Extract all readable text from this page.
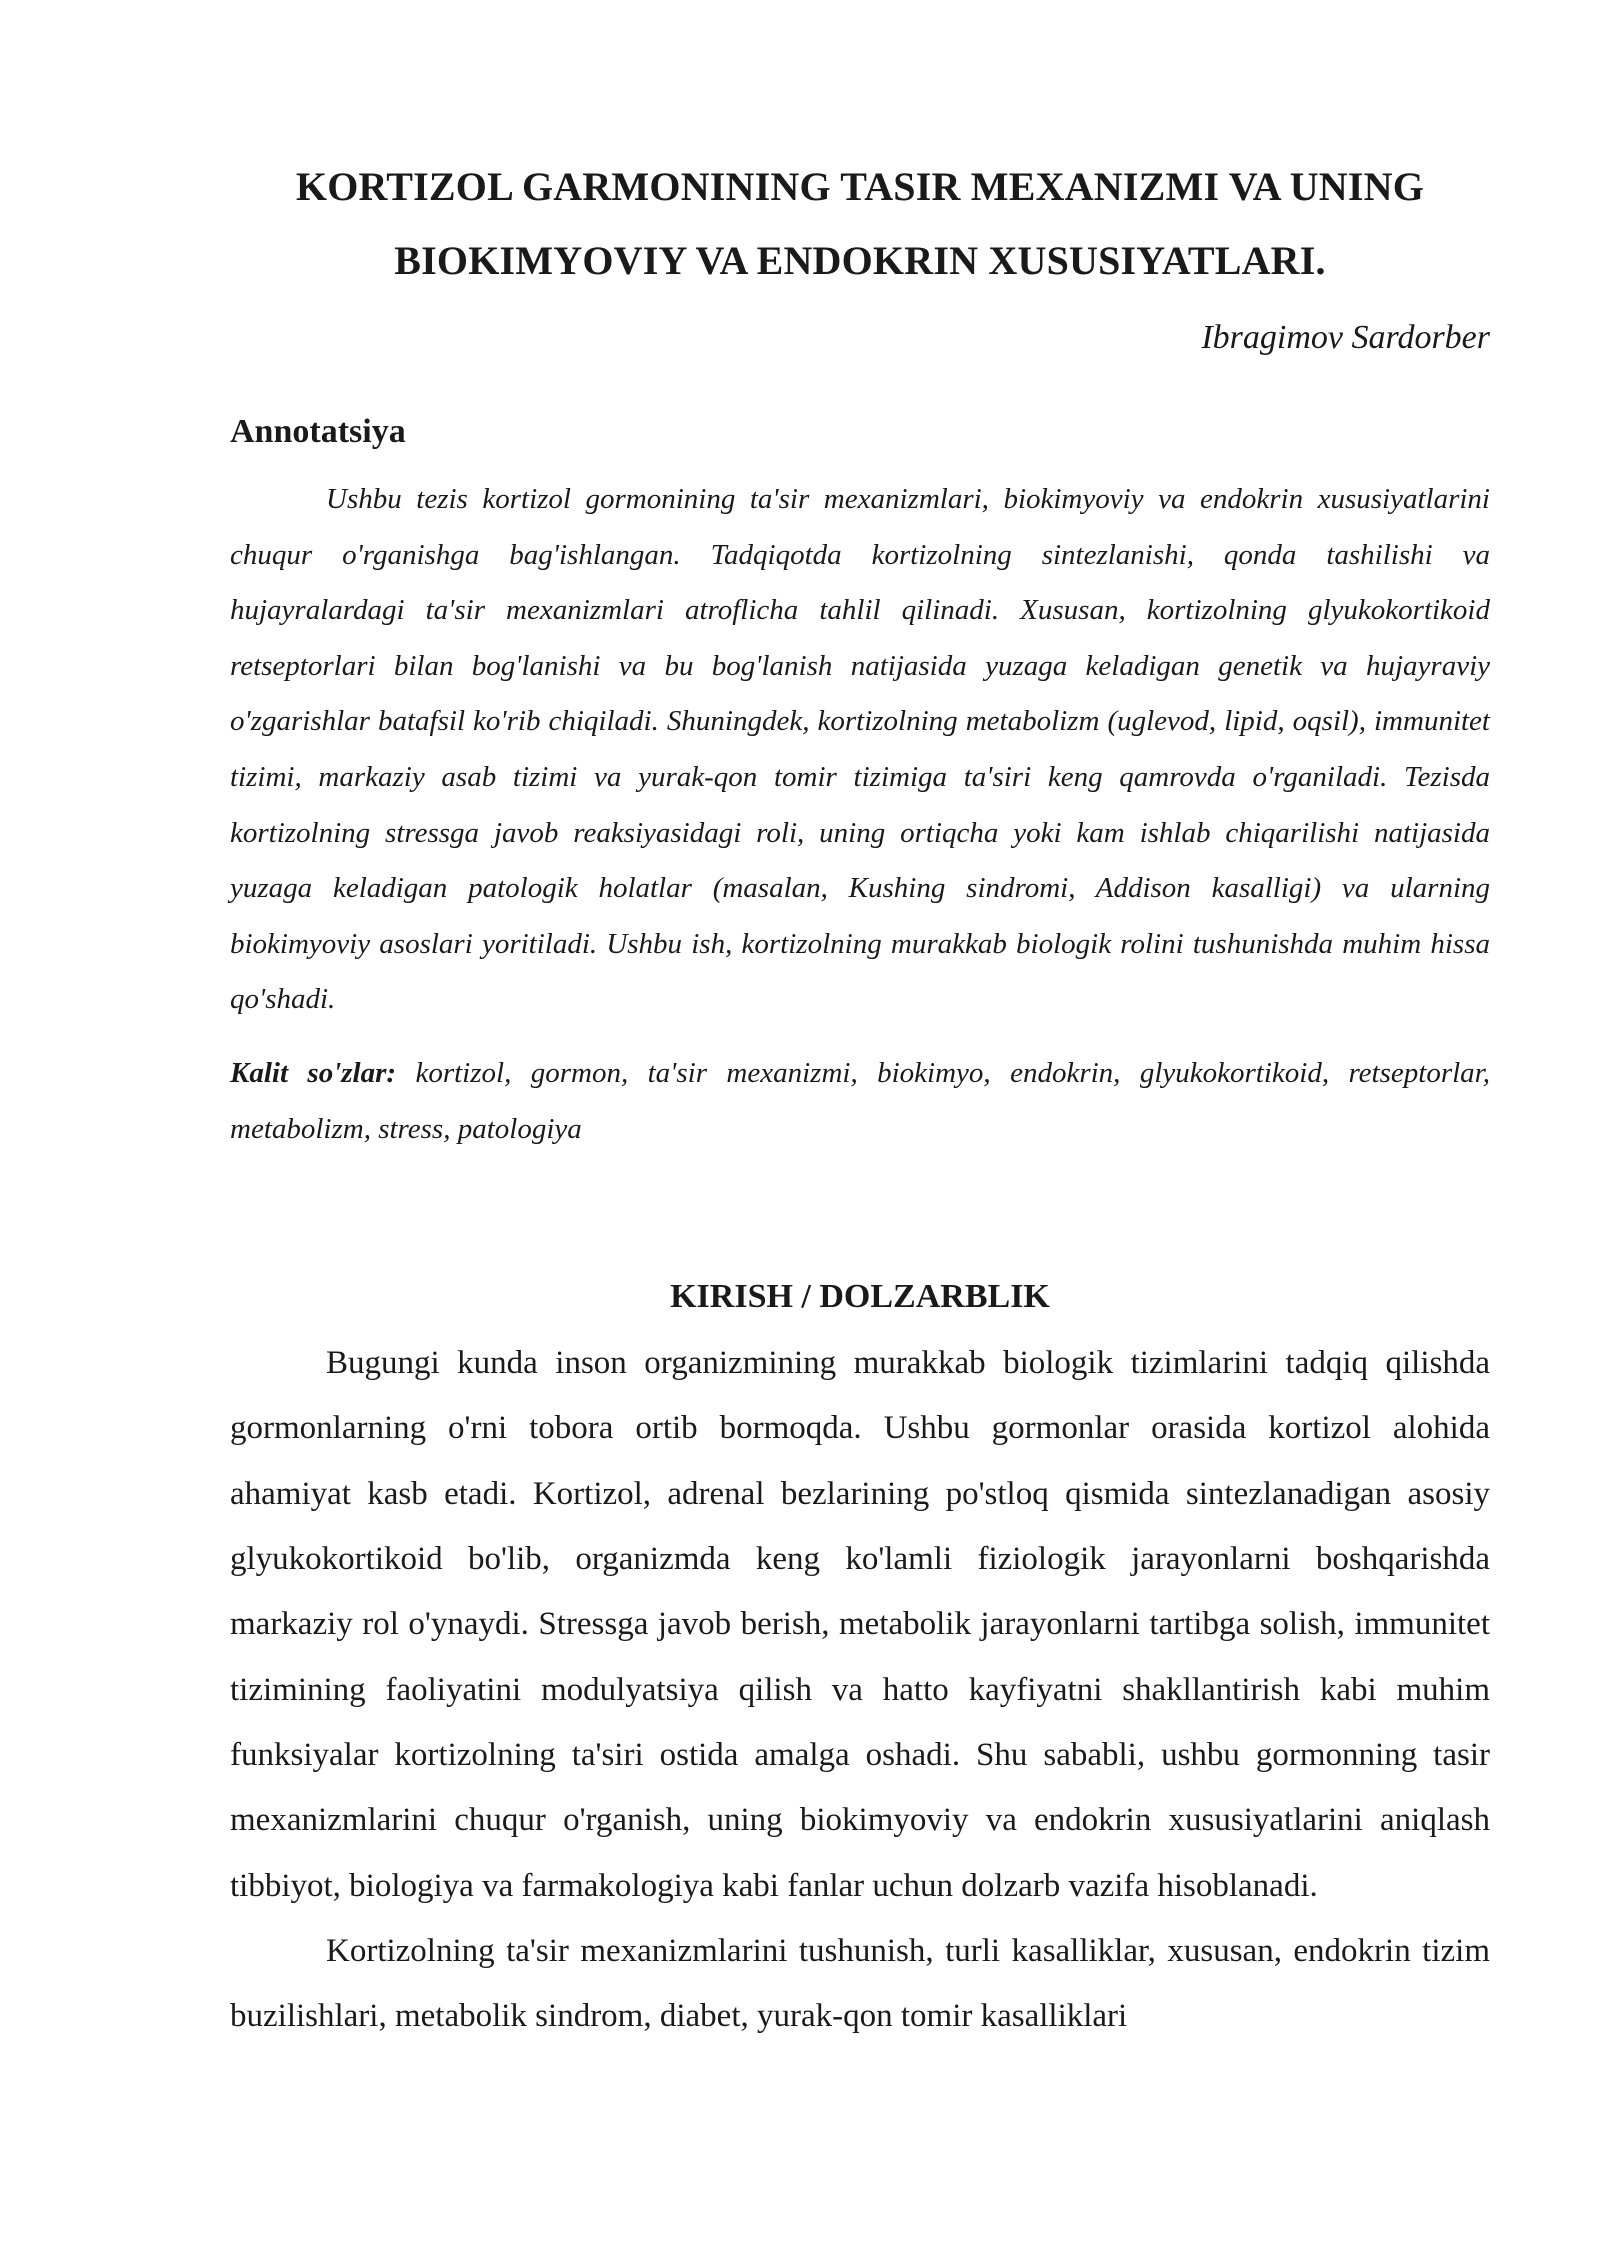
KORTIZOL GARMONINING TASIR MEXANIZMI VA UNING
BIOKIMYOVIY VA ENDOKRIN XUSUSIYATLARI.

Ibragimov Sardorber

Annotatsiya

Ushbu tezis kortizol gormonining ta'sir mexanizmlari, biokimyoviy va endokrin xususiyatlarini chuqur o'rganishga bag'ishlangan. Tadqiqotda kortizolning sintezlanishi, qonda tashilishi va hujayralardagi ta'sir mexanizmlari atroflicha tahlil qilinadi. Xususan, kortizolning glyukokortikoid retseptorlari bilan bog'lanishi va bu bog'lanish natijasida yuzaga keladigan genetik va hujayraviy o'zgarishlar batafsil ko'rib chiqiladi. Shuningdek, kortizolning metabolizm (uglevod, lipid, oqsil), immunitet tizimi, markaziy asab tizimi va yurak-qon tomir tizimiga ta'siri keng qamrovda o'rganiladi. Tezisda kortizolning stressga javob reaksiyasidagi roli, uning ortiqcha yoki kam ishlab chiqarilishi natijasida yuzaga keladigan patologik holatlar (masalan, Kushing sindromi, Addison kasalligi) va ularning biokimyoviy asoslari yoritiladi. Ushbu ish, kortizolning murakkab biologik rolini tushunishda muhim hissa qo'shadi.

Kalit so'zlar: kortizol, gormon, ta'sir mexanizmi, biokimyo, endokrin, glyukokortikoid, retseptorlar, metabolizm, stress, patologiya

KIRISH / DOLZARBLIK

Bugungi kunda inson organizmining murakkab biologik tizimlarini tadqiq qilishda gormonlarning o'rni tobora ortib bormoqda. Ushbu gormonlar orasida kortizol alohida ahamiyat kasb etadi. Kortizol, adrenal bezlarining po'stloq qismida sintezlanadigan asosiy glyukokortikoid bo'lib, organizmda keng ko'lamli fiziologik jarayonlarni boshqarishda markaziy rol o'ynaydi. Stressga javob berish, metabolik jarayonlarni tartibga solish, immunitet tizimining faoliyatini modulyatsiya qilish va hatto kayfiyatni shakllantirish kabi muhim funksiyalar kortizolning ta'siri ostida amalga oshadi. Shu sababli, ushbu gormonning tasir mexanizmlarini chuqur o'rganish, uning biokimyoviy va endokrin xususiyatlarini aniqlash tibbiyot, biologiya va farmakologiya kabi fanlar uchun dolzarb vazifa hisoblanadi.

Kortizolning ta'sir mexanizmlarini tushunish, turli kasalliklar, xususan, endokrin tizim buzilishlari, metabolik sindrom, diabet, yurak-qon tomir kasalliklari
